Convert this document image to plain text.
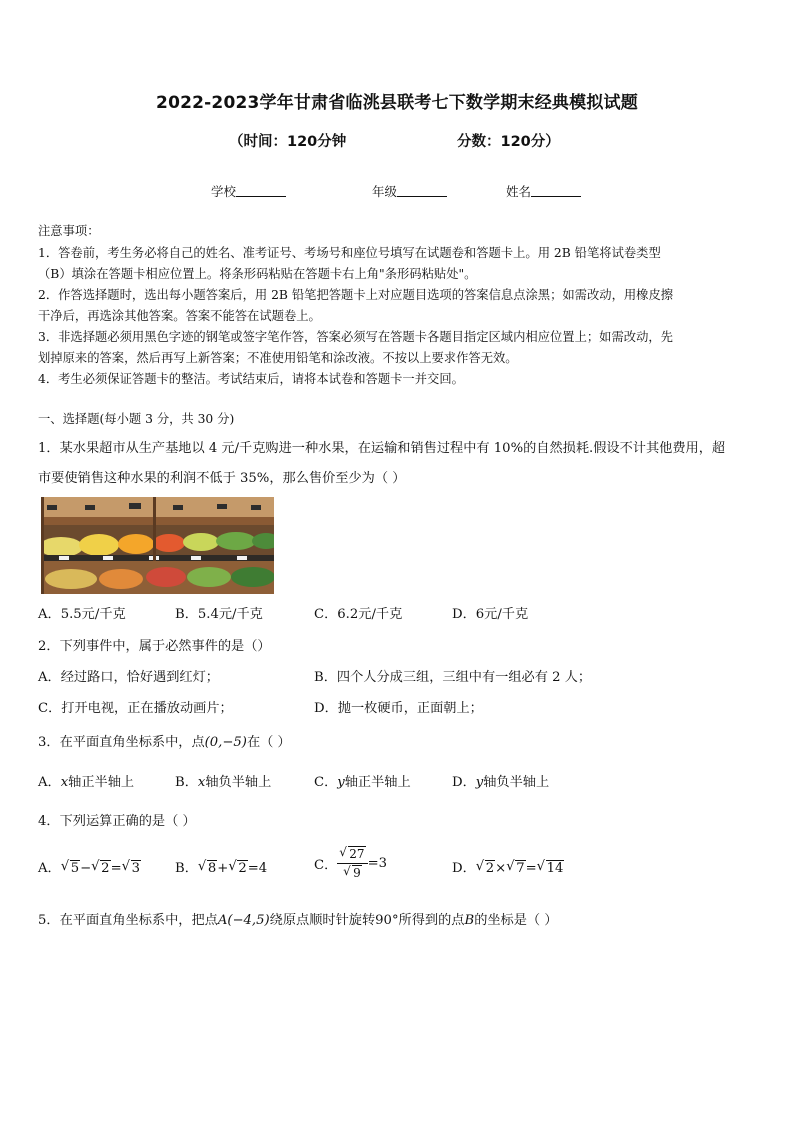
2022-2023学年甘肃省临洮县联考七下数学期末经典模拟试题
（时间：120分钟	分数：120分）
学校	年级	姓名
注意事项：
1．答卷前，考生务必将自己的姓名、准考证号、考场号和座位号填写在试题卷和答题卡上。用 2B 铅笔将试卷类型
（B）填涂在答题卡相应位置上。将条形码粘贴在答题卡右上角"条形码粘贴处"。
2．作答选择题时，选出每小题答案后，用 2B 铅笔把答题卡上对应题目选项的答案信息点涂黑；如需改动，用橡皮擦
干净后，再选涂其他答案。答案不能答在试题卷上。
3．非选择题必须用黑色字迹的钢笔或签字笔作答，答案必须写在答题卡各题目指定区域内相应位置上；如需改动，先
划掉原来的答案，然后再写上新答案；不准使用铅笔和涂改液。不按以上要求作答无效。
4．考生必须保证答题卡的整洁。考试结束后，请将本试卷和答题卡一并交回。
一、选择题(每小题 3 分，共 30 分)
1．某水果超市从生产基地以 4 元/千克购进一种水果，在运输和销售过程中有 10%的自然损耗.假设不计其他费用，超
市要使销售这种水果的利润不低于 35%，那么售价至少为（ ）
A．5.5元/千克	B．5.4元/千克	C．6.2元/千克	D．6元/千克
2．下列事件中，属于必然事件的是（）
A．经过路口，恰好遇到红灯；	B．四个人分成三组，三组中有一组必有 2 人；
C．打开电视，正在播放动画片；	D．抛一枚硬币，正面朝上；
3．在平面直角坐标系中，点(0,−5)在（ ）
A．x轴正半轴上	B．x轴负半轴上	C．y轴正半轴上	D．y轴负半轴上
4．下列运算正确的是（ ）
A． √ 5− √ 2= √ 3	B． √ 8+ √ 2=4	C． √ 27
√ 9 =3	D． √ 2× √ 7= √ 14
5．在平面直角坐标系中，把点A(−4,5)绕原点顺时针旋转90°所得到的点B的坐标是（ ）
